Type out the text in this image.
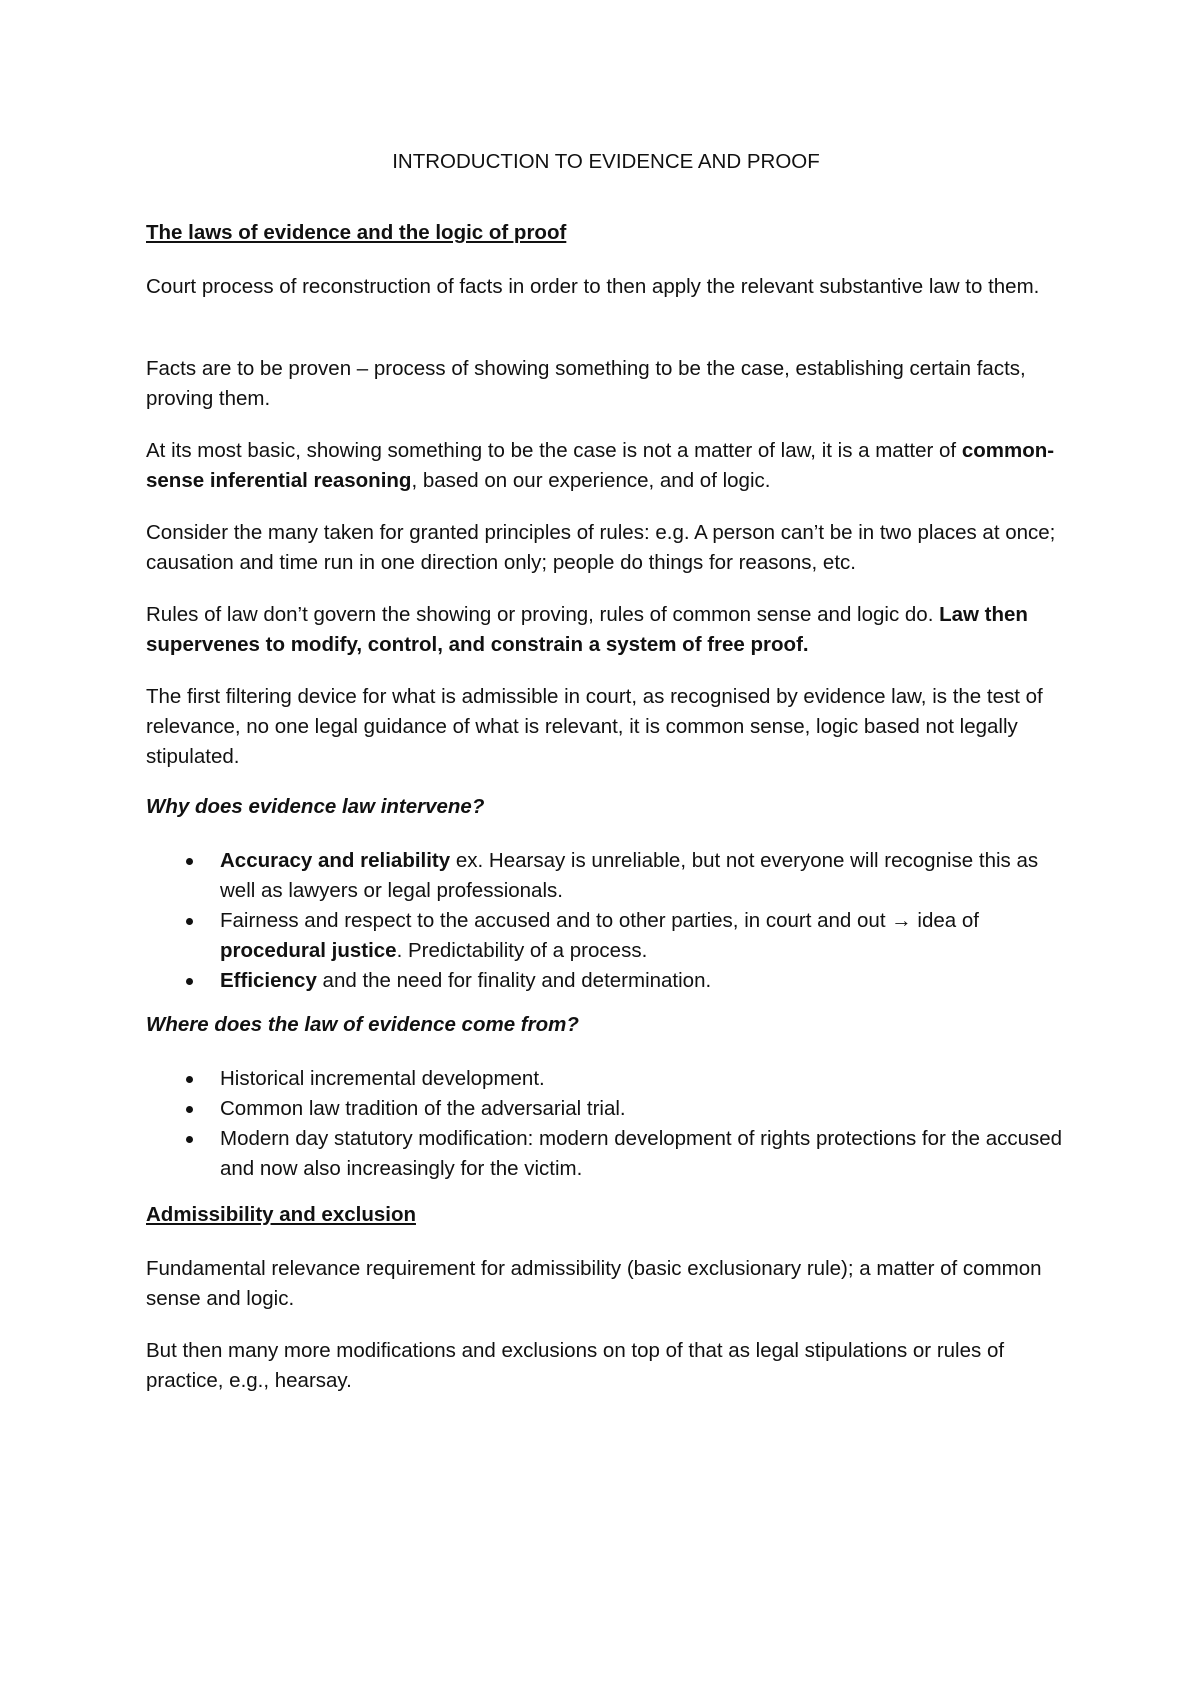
INTRODUCTION TO EVIDENCE AND PROOF
The laws of evidence and the logic of proof

Court process of reconstruction of facts in order to then apply the relevant substantive law to them.

Facts are to be proven – process of showing something to be the case, establishing certain facts, proving them.

At its most basic, showing something to be the case is not a matter of law, it is a matter of common-sense inferential reasoning, based on our experience, and of logic.

Consider the many taken for granted principles of rules: e.g. A person can’t be in two places at once; causation and time run in one direction only; people do things for reasons, etc.

Rules of law don’t govern the showing or proving, rules of common sense and logic do. Law then supervenes to modify, control, and constrain a system of free proof.

The first filtering device for what is admissible in court, as recognised by evidence law, is the test of relevance, no one legal guidance of what is relevant, it is common sense, logic based not legally stipulated.

Why does evidence law intervene?
Accuracy and reliability ex. Hearsay is unreliable, but not everyone will recognise this as well as lawyers or legal professionals.
Fairness and respect to the accused and to other parties, in court and out → idea of procedural justice. Predictability of a process.
Efficiency and the need for finality and determination.
Where does the law of evidence come from?
Historical incremental development.
Common law tradition of the adversarial trial.
Modern day statutory modification: modern development of rights protections for the accused and now also increasingly for the victim.
Admissibility and exclusion

Fundamental relevance requirement for admissibility (basic exclusionary rule); a matter of common sense and logic.

But then many more modifications and exclusions on top of that as legal stipulations or rules of practice, e.g., hearsay.
